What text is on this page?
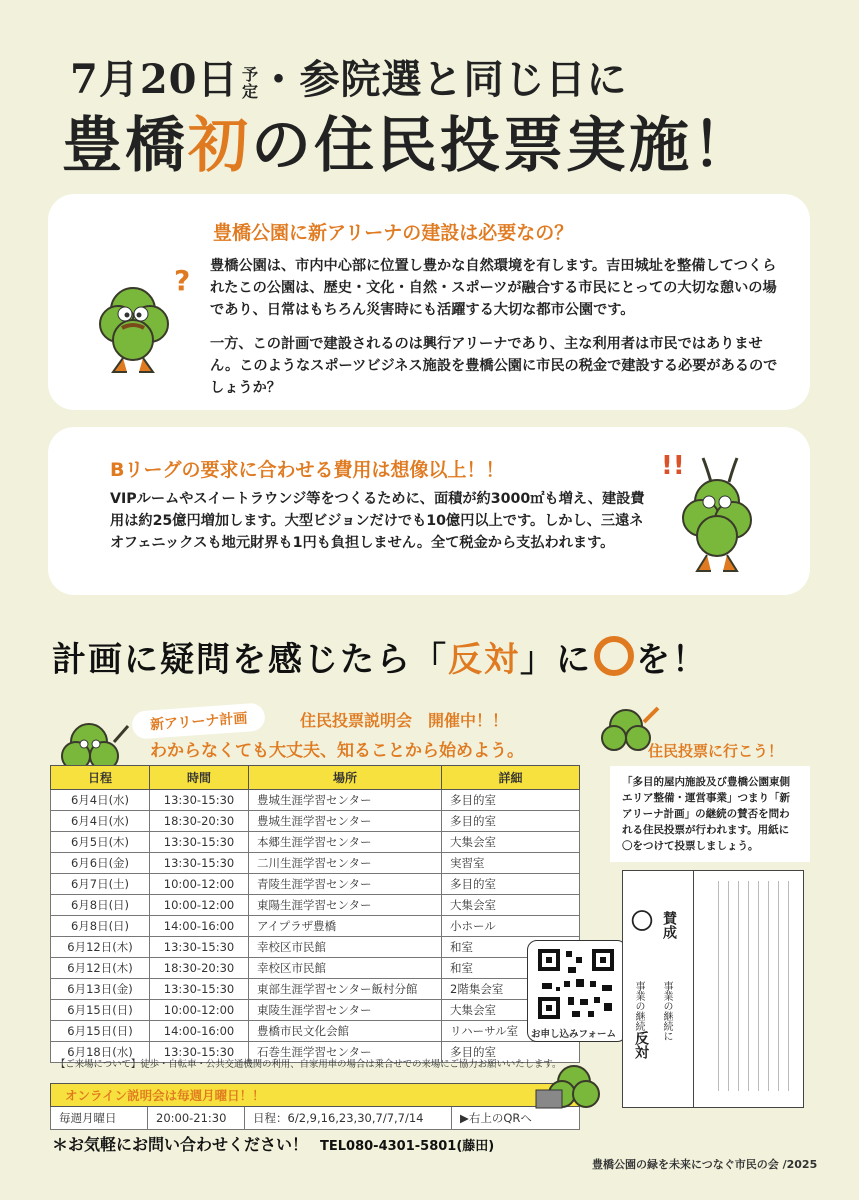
7月20日予定・参院選と同じ日に
豊橋初の住民投票実施！
?
豊橋公園に新アリーナの建設は必要なの？

豊橋公園は、市内中心部に位置し豊かな自然環境を有します。吉田城址を整備してつくられたこの公園は、歴史・文化・自然・スポーツが融合する市民にとっての大切な憩いの場であり、日常はもちろん災害時にも活躍する大切な都市公園です。

一方、この計画で建設されるのは興行アリーナであり、主な利用者は市民ではありません。このようなスポーツビジネス施設を豊橋公園に市民の税金で建設する必要があるのでしょうか？

Bリーグの要求に合わせる費用は想像以上！！

VIPルームやスイートラウンジ等をつくるために、面積が約3000㎡も増え、建設費用は約25億円増加します。大型ビジョンだけでも10億円以上です。しかし、三遠ネオフェニックスも地元財界も1円も負担しません。全て税金から支払われます。

!!
計画に疑問を感じたら「反対」に ○ を！
新アリーナ計画	住民投票説明会　開催中！！
わからなくても大丈夫、知ることから始めよう。
日程	時間	場所	詳細
6月4日(水)	13:30-15:30	豊城生涯学習センター	多目的室
6月4日(水)	18:30-20:30	豊城生涯学習センター	多目的室
6月5日(木)	13:30-15:30	本郷生涯学習センター	大集会室
6月6日(金)	13:30-15:30	二川生涯学習センター	実習室
6月7日(土)	10:00-12:00	青陵生涯学習センター	多目的室
6月8日(日)	10:00-12:00	東陽生涯学習センター	大集会室
6月8日(日)	14:00-16:00	アイプラザ豊橋	小ホール
6月12日(木)	13:30-15:30	幸校区市民館	和室
6月12日(木)	18:30-20:30	幸校区市民館	和室
6月13日(金)	13:30-15:30	東部生涯学習センター飯村分館	2階集会室
6月15日(日)	10:00-12:00	東陵生涯学習センター	大集会室
6月15日(日)	14:00-16:00	豊橋市民文化会館	リハーサル室
6月18日(水)	13:30-15:30	石巻生涯学習センター	多目的室
【ご来場について】徒歩・自転車・公共交通機関の利用、自家用車の場合は乗合せでの来場にご協力お願いいたします。
オンライン説明会は毎週月曜日！！
毎週月曜日	20:00-21:30	日程：6/2,9,16,23,30,7/7,7/14	▶右上のQRへ
お申し込みフォーム
住民投票に行こう！
「多目的屋内施設及び豊橋公園東側エリア整備・運営事業」つまり「新アリーナ計画」の継続の賛否を問われる住民投票が行われます。用紙に〇をつけて投票しましょう。
〇
事業の継続に
賛成
事業の継続に
反対
＊お気軽にお問い合わせください！ TEL080-4301-5801(藤田)
豊橋公園の緑を未来につなぐ市民の会 /2025
